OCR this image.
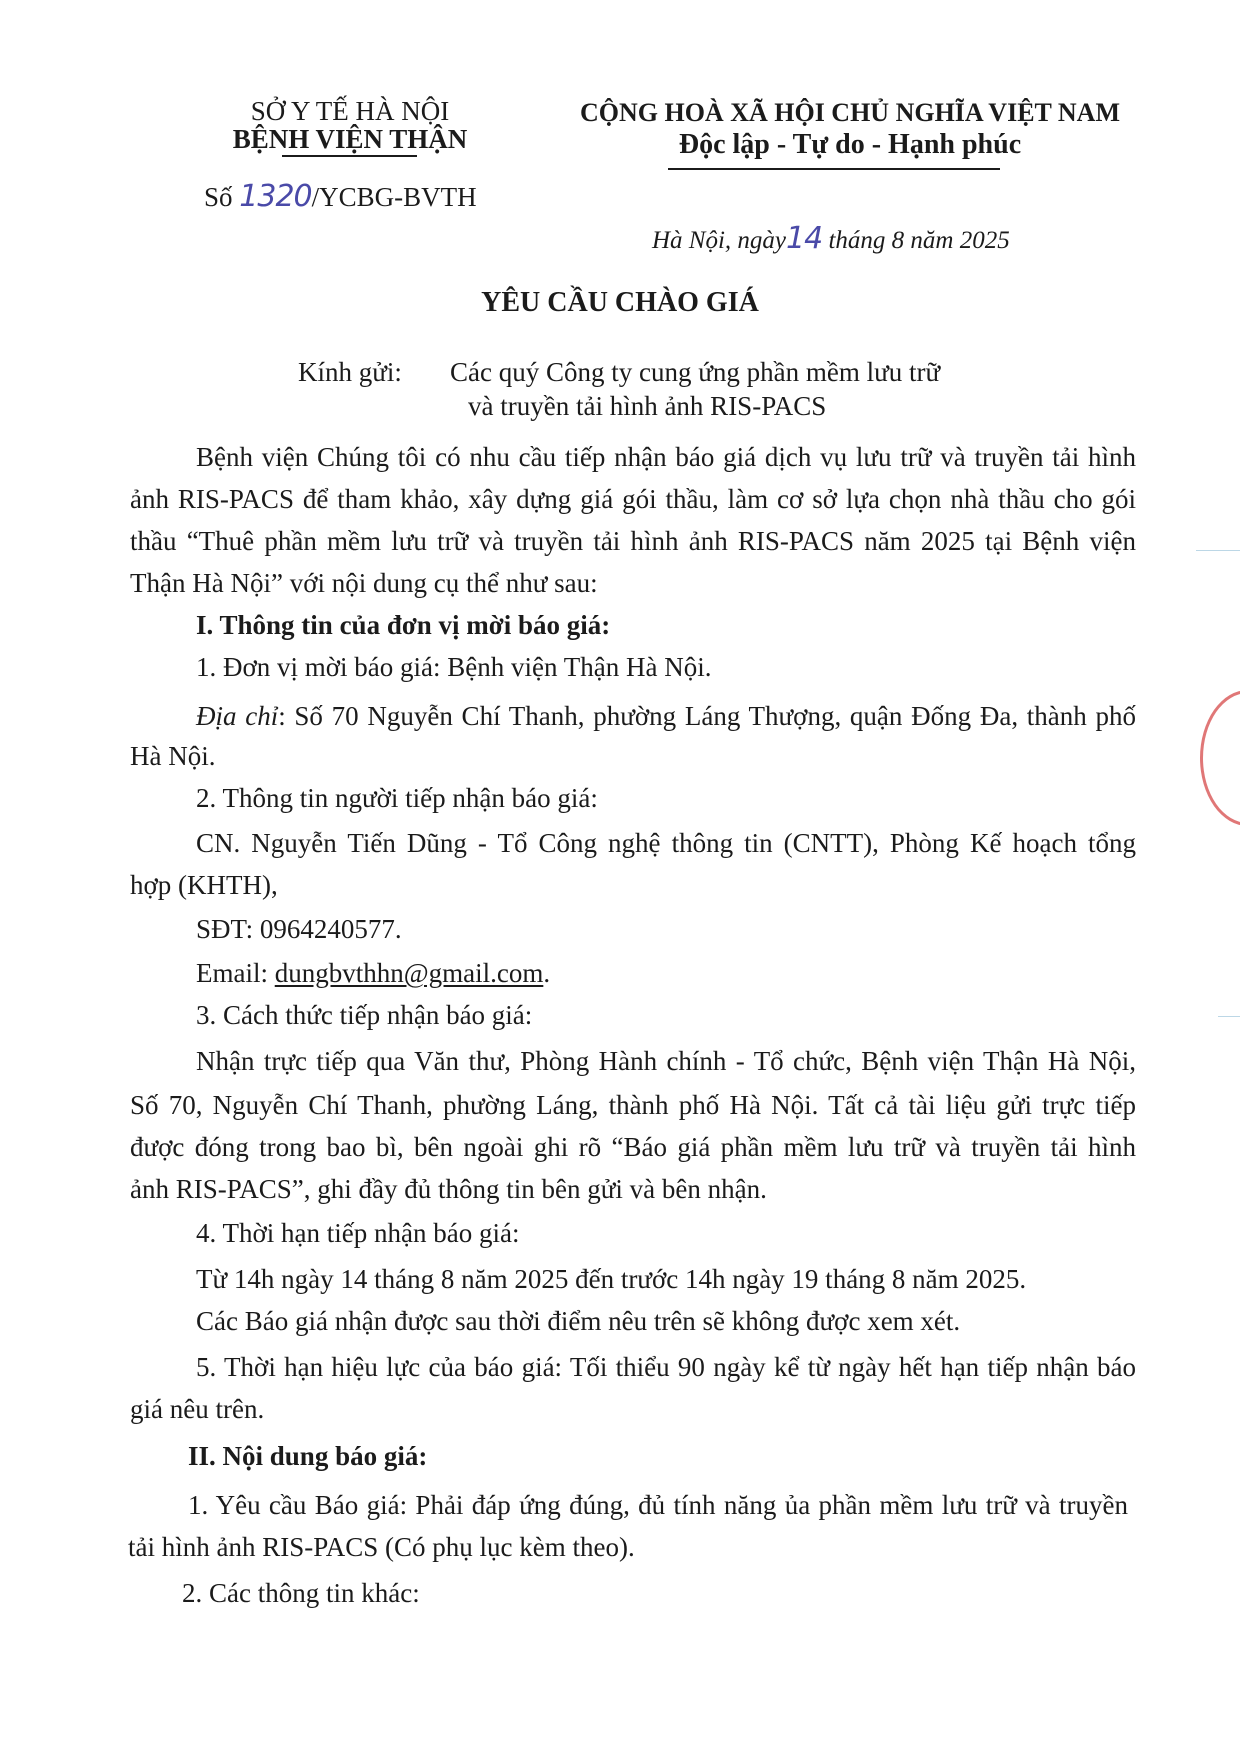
SỞ Y TẾ HÀ NỘI
BỆNH VIỆN THẬN
Số 1320/YCBG-BVTH
CỘNG HOÀ XÃ HỘI CHỦ NGHĨA VIỆT NAM
Độc lập - Tự do - Hạnh phúc
Hà Nội, ngày14 tháng 8 năm 2025
YÊU CẦU CHÀO GIÁ
Kính gửi: Các quý Công ty cung ứng phần mềm lưu trữ
và truyền tải hình ảnh RIS-PACS
Bệnh viện Chúng tôi có nhu cầu tiếp nhận báo giá dịch vụ lưu trữ và truyền tải hình
ảnh RIS-PACS để tham khảo, xây dựng giá gói thầu, làm cơ sở lựa chọn nhà thầu cho gói
thầu “Thuê phần mềm lưu trữ và truyền tải hình ảnh RIS-PACS năm 2025 tại Bệnh viện
Thận Hà Nội” với nội dung cụ thể như sau:
I. Thông tin của đơn vị mời báo giá:
1. Đơn vị mời báo giá: Bệnh viện Thận Hà Nội.
Địa chỉ: Số 70 Nguyễn Chí Thanh, phường Láng Thượng, quận Đống Đa, thành phố
Hà Nội.
2. Thông tin người tiếp nhận báo giá:
CN. Nguyễn Tiến Dũng - Tổ Công nghệ thông tin (CNTT), Phòng Kế hoạch tổng
hợp (KHTH),
SĐT: 0964240577.
Email: dungbvthhn@gmail.com.
3. Cách thức tiếp nhận báo giá:
Nhận trực tiếp qua Văn thư, Phòng Hành chính - Tổ chức, Bệnh viện Thận Hà Nội,
Số 70, Nguyễn Chí Thanh, phường Láng, thành phố Hà Nội. Tất cả tài liệu gửi trực tiếp
được đóng trong bao bì, bên ngoài ghi rõ “Báo giá phần mềm lưu trữ và truyền tải hình
ảnh RIS-PACS”, ghi đầy đủ thông tin bên gửi và bên nhận.
4. Thời hạn tiếp nhận báo giá:
Từ 14h ngày 14 tháng 8 năm 2025 đến trước 14h ngày 19 tháng 8 năm 2025.
Các Báo giá nhận được sau thời điểm nêu trên sẽ không được xem xét.
5. Thời hạn hiệu lực của báo giá: Tối thiểu 90 ngày kể từ ngày hết hạn tiếp nhận báo
giá nêu trên.
II. Nội dung báo giá:
1. Yêu cầu Báo giá: Phải đáp ứng đúng, đủ tính năng ủa phần mềm lưu trữ và truyền
tải hình ảnh RIS-PACS (Có phụ lục kèm theo).
2. Các thông tin khác:
